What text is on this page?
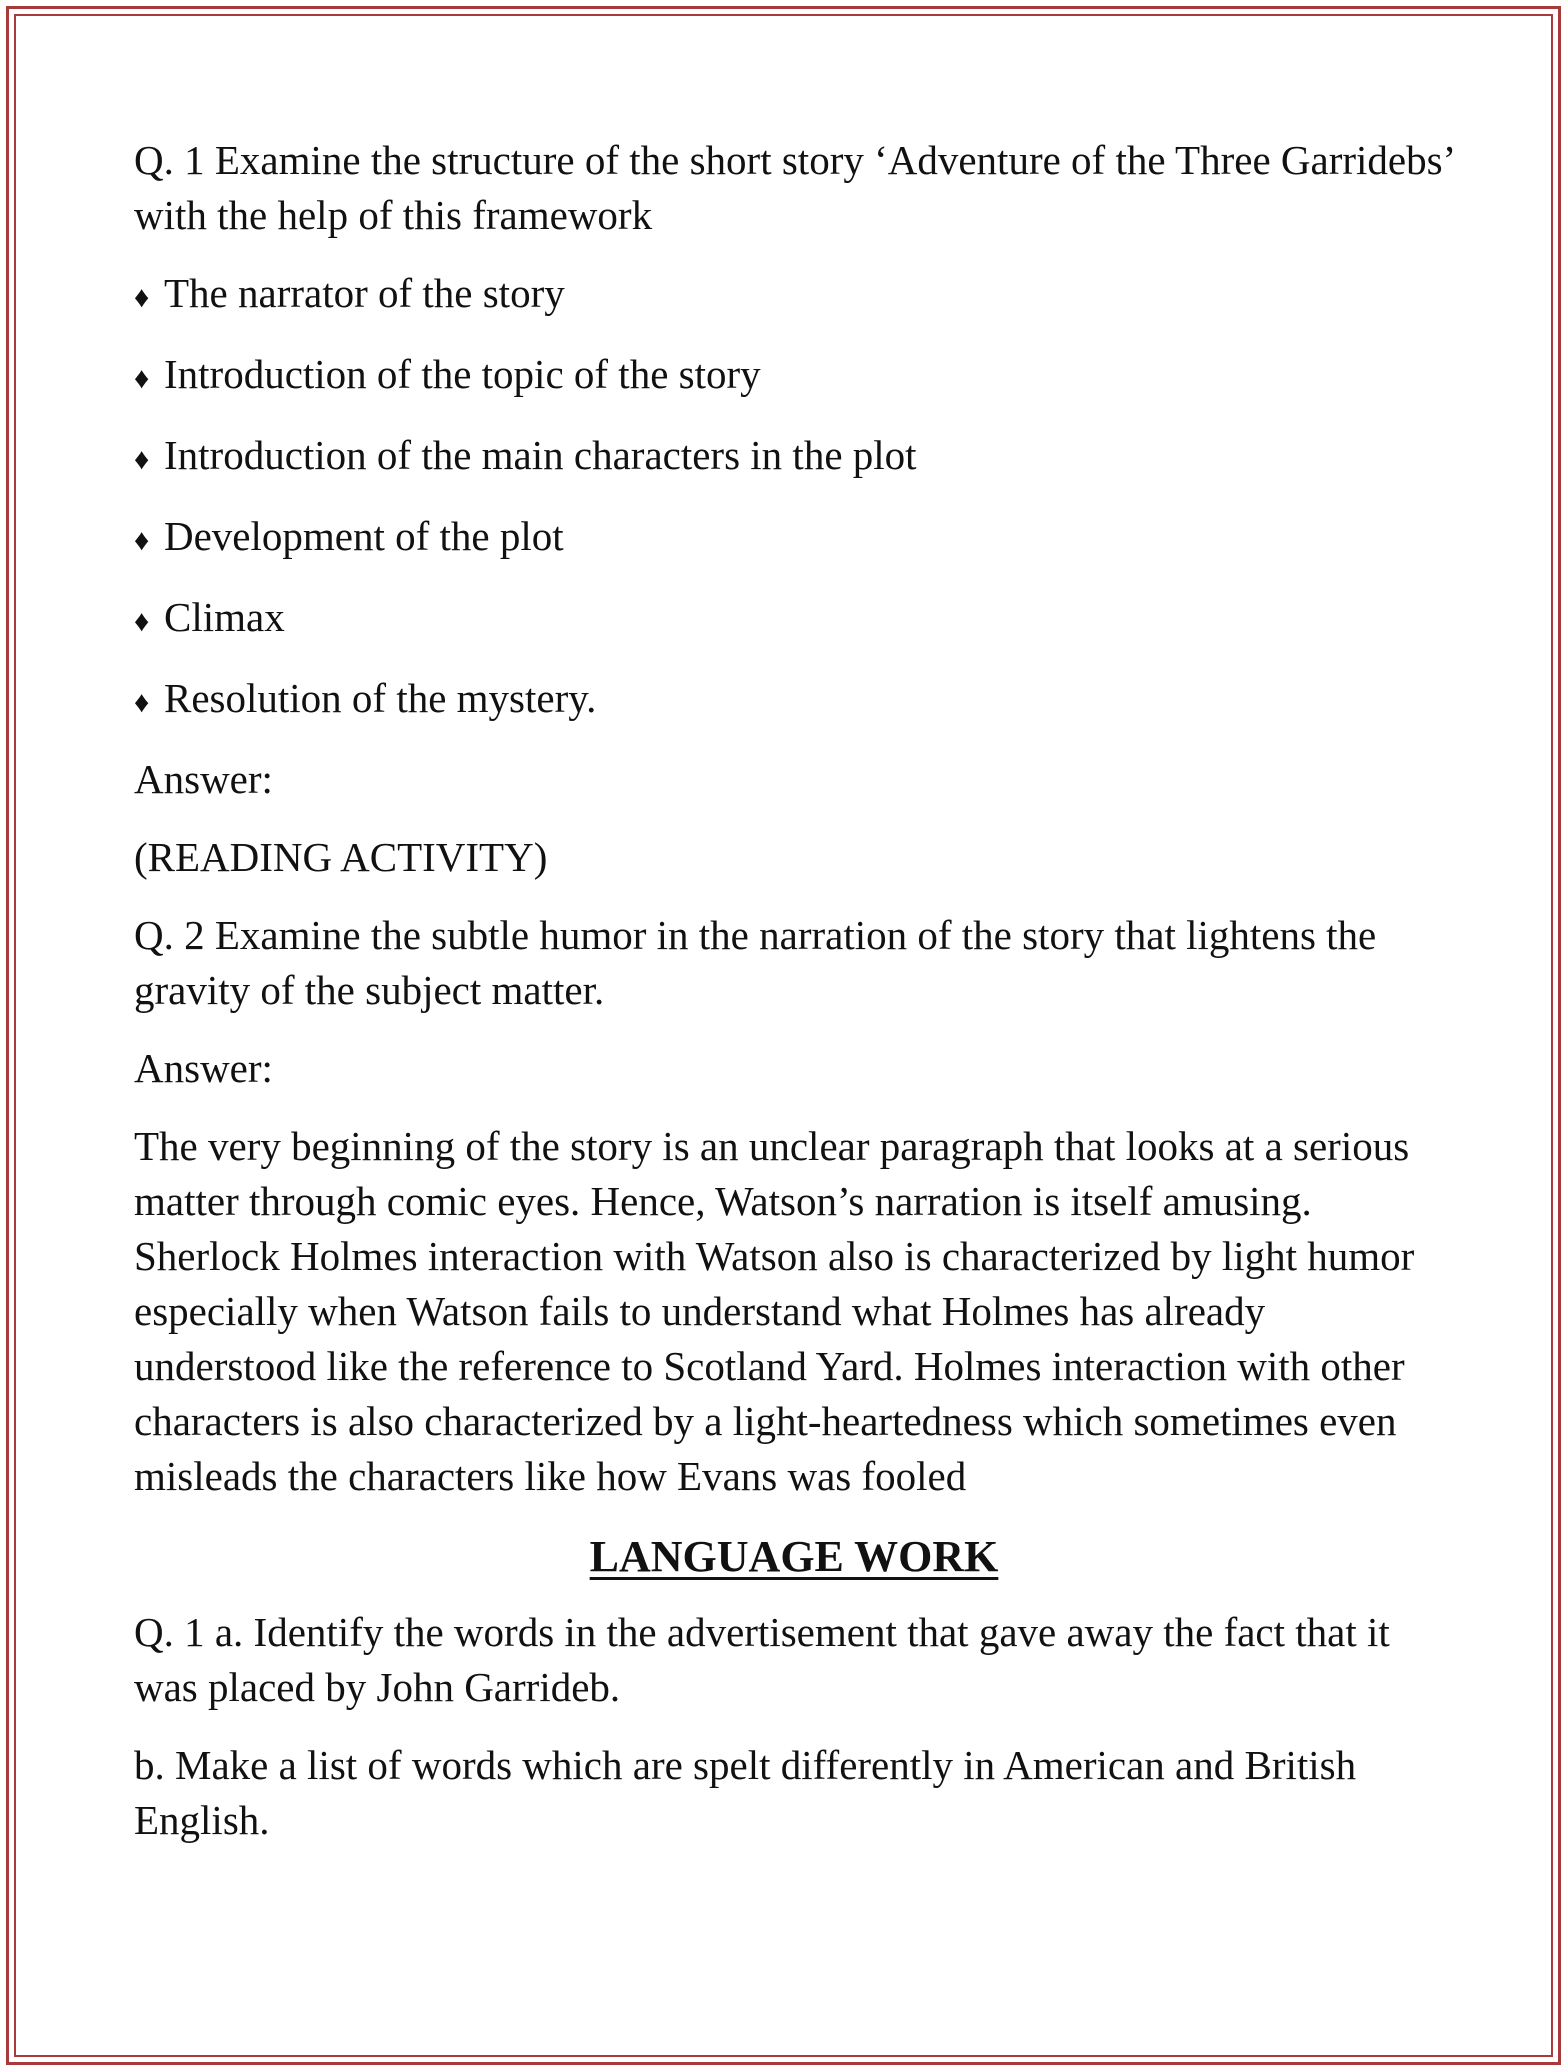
Q. 1 Examine the structure of the short story ‘Adventure of the Three Garridebs’ with the help of this framework

♦ The narrator of the story
♦ Introduction of the topic of the story
♦ Introduction of the main characters in the plot
♦ Development of the plot
♦ Climax
♦ Resolution of the mystery.

Answer:

(READING ACTIVITY)

Q. 2 Examine the subtle humor in the narration of the story that lightens the gravity of the subject matter.

Answer:

The very beginning of the story is an unclear paragraph that looks at a serious matter through comic eyes. Hence, Watson’s narration is itself amusing. Sherlock Holmes interaction with Watson also is characterized by light humor especially when Watson fails to understand what Holmes has already understood like the reference to Scotland Yard. Holmes interaction with other characters is also characterized by a light-heartedness which sometimes even misleads the characters like how Evans was fooled

LANGUAGE WORK

Q. 1 a. Identify the words in the advertisement that gave away the fact that it was placed by John Garrideb.

b. Make a list of words which are spelt differently in American and British English.
